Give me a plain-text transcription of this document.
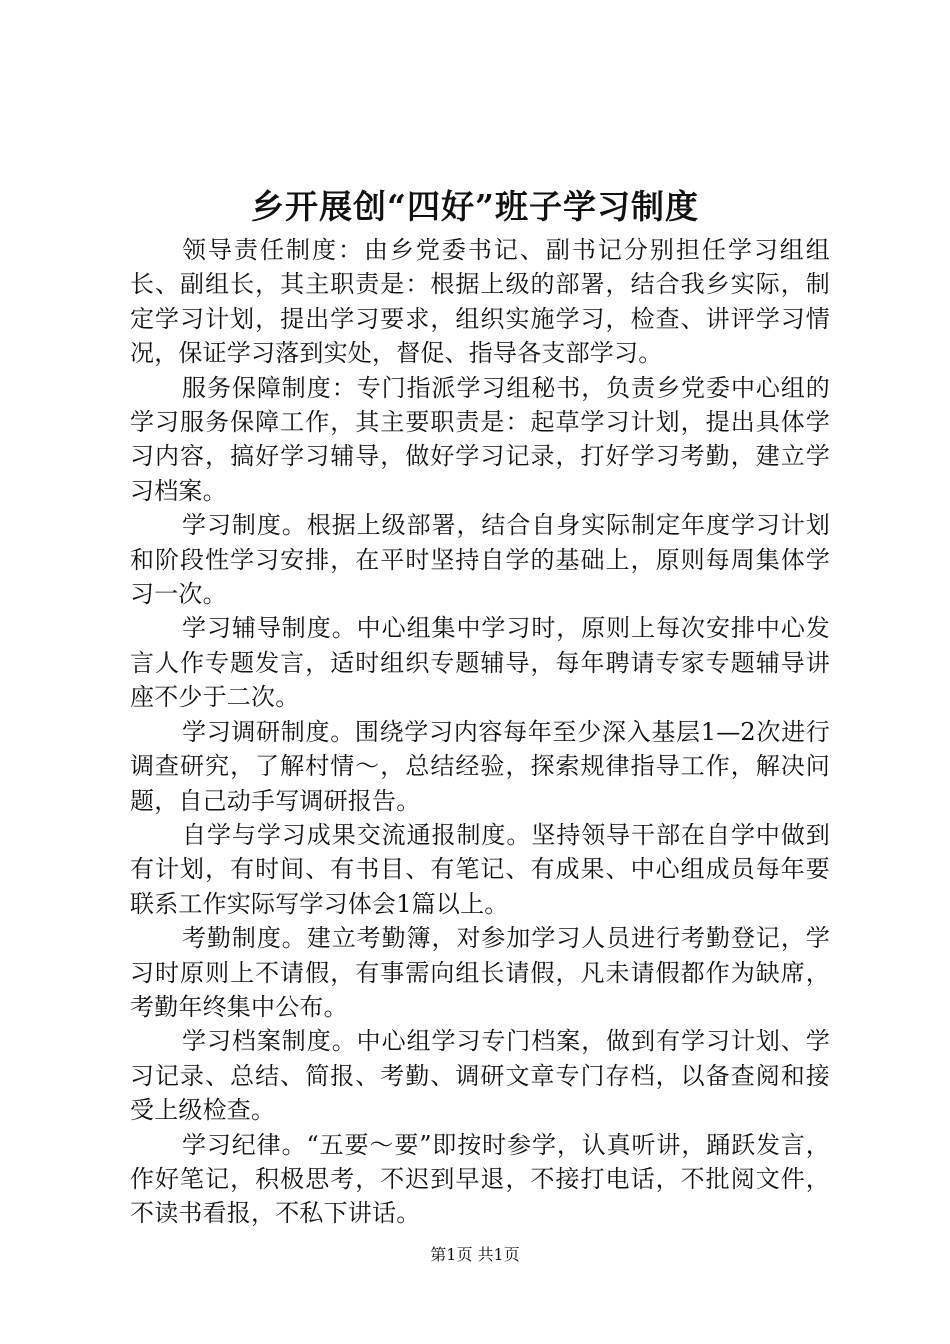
乡开展创“四好”班子学习制度

领导责任制度：由乡党委书记、副书记分别担任学习组组长、副组长，其主职责是：根据上级的部署，结合我乡实际，制定学习计划，提出学习要求，组织实施学习，检查、讲评学习情况，保证学习落到实处，督促、指导各支部学习。

服务保障制度：专门指派学习组秘书，负责乡党委中心组的学习服务保障工作，其主要职责是：起草学习计划，提出具体学习内容，搞好学习辅导，做好学习记录，打好学习考勤，建立学习档案。

学习制度。根据上级部署，结合自身实际制定年度学习计划和阶段性学习安排，在平时坚持自学的基础上，原则每周集体学习一次。

学习辅导制度。中心组集中学习时，原则上每次安排中心发言人作专题发言，适时组织专题辅导，每年聘请专家专题辅导讲座不少于二次。

学习调研制度。围绕学习内容每年至少深入基层1—2次进行调查研究，了解村情～，总结经验，探索规律指导工作，解决问题，自己动手写调研报告。

自学与学习成果交流通报制度。坚持领导干部在自学中做到有计划，有时间、有书目、有笔记、有成果、中心组成员每年要联系工作实际写学习体会1篇以上。

考勤制度。建立考勤簿，对参加学习人员进行考勤登记，学习时原则上不请假，有事需向组长请假，凡未请假都作为缺席，考勤年终集中公布。

学习档案制度。中心组学习专门档案，做到有学习计划、学习记录、总结、简报、考勤、调研文章专门存档，以备查阅和接受上级检查。

学习纪律。“五要～要”即按时参学，认真听讲，踊跃发言，作好笔记，积极思考，不迟到早退，不接打电话，不批阅文件，不读书看报，不私下讲话。

第1页 共1页
